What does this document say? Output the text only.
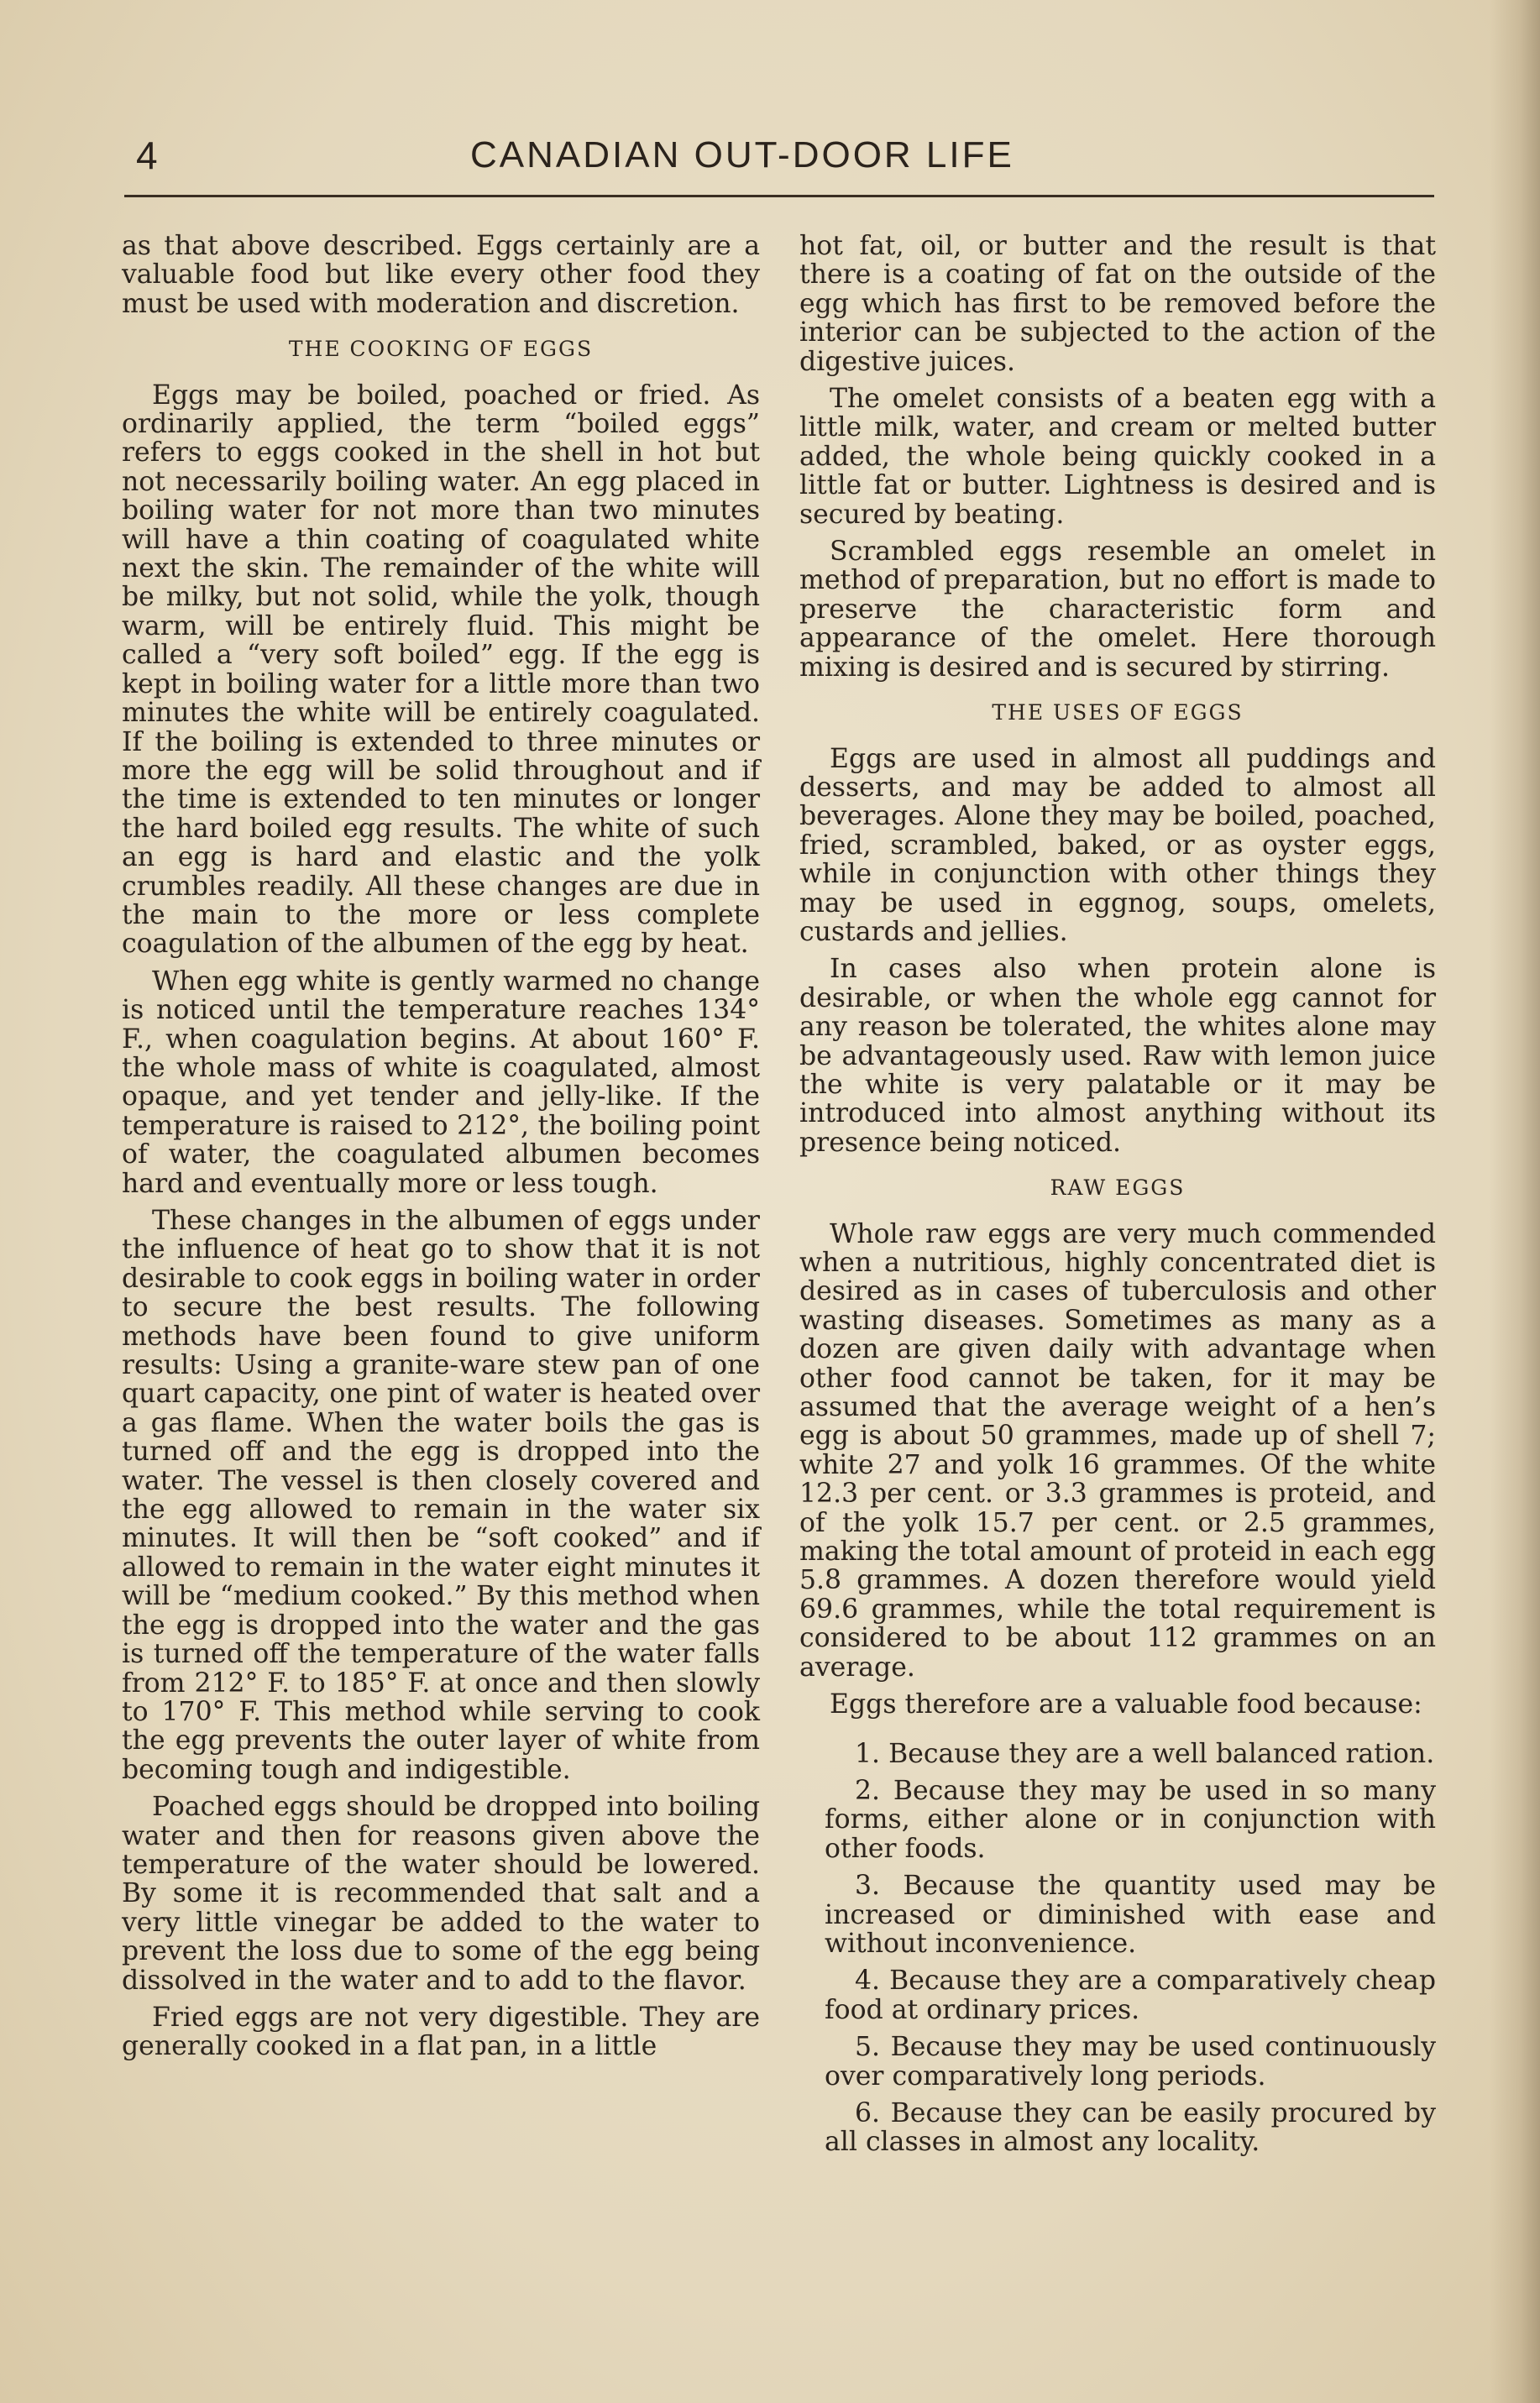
4	CANADIAN OUT-DOOR LIFE

as that above described. Eggs certainly are a valuable food but like every other food they must be used with moderation and discretion.

THE COOKING OF EGGS

Eggs may be boiled, poached or fried. As ordinarily applied, the term “boiled eggs” refers to eggs cooked in the shell in hot but not necessarily boiling water. An egg placed in boiling water for not more than two minutes will have a thin coating of coagulated white next the skin. The remainder of the white will be milky, but not solid, while the yolk, though warm, will be entirely fluid. This might be called a “very soft boiled” egg. If the egg is kept in boiling water for a little more than two minutes the white will be entirely coagulated. If the boiling is extended to three minutes or more the egg will be solid throughout and if the time is extended to ten minutes or longer the hard boiled egg results. The white of such an egg is hard and elastic and the yolk crumbles readily. All these changes are due in the main to the more or less complete coagulation of the albumen of the egg by heat.

When egg white is gently warmed no change is noticed until the temperature reaches 134° F., when coagulation begins. At about 160° F. the whole mass of white is coagulated, almost opaque, and yet tender and jelly-like. If the temperature is raised to 212°, the boiling point of water, the coagulated albumen becomes hard and eventually more or less tough.

These changes in the albumen of eggs under the influence of heat go to show that it is not desirable to cook eggs in boiling water in order to secure the best results. The following methods have been found to give uniform results: Using a granite-ware stew pan of one quart capacity, one pint of water is heated over a gas flame. When the water boils the gas is turned off and the egg is dropped into the water. The vessel is then closely covered and the egg allowed to remain in the water six minutes. It will then be “soft cooked” and if allowed to remain in the water eight minutes it will be “medium cooked.” By this method when the egg is dropped into the water and the gas is turned off the temperature of the water falls from 212° F. to 185° F. at once and then slowly to 170° F. This method while serving to cook the egg prevents the outer layer of white from becoming tough and indigestible.

Poached eggs should be dropped into boiling water and then for reasons given above the temperature of the water should be lowered. By some it is recommended that salt and a very little vinegar be added to the water to prevent the loss due to some of the egg being dissolved in the water and to add to the flavor.

Fried eggs are not very digestible. They are generally cooked in a flat pan, in a little

hot fat, oil, or butter and the result is that there is a coating of fat on the outside of the egg which has first to be removed before the interior can be subjected to the action of the digestive juices.

The omelet consists of a beaten egg with a little milk, water, and cream or melted butter added, the whole being quickly cooked in a little fat or butter. Lightness is desired and is secured by beating.

Scrambled eggs resemble an omelet in method of preparation, but no effort is made to preserve the characteristic form and appearance of the omelet. Here thorough mixing is desired and is secured by stirring.

THE USES OF EGGS

Eggs are used in almost all puddings and desserts, and may be added to almost all beverages. Alone they may be boiled, poached, fried, scrambled, baked, or as oyster eggs, while in conjunction with other things they may be used in eggnog, soups, omelets, custards and jellies.

In cases also when protein alone is desirable, or when the whole egg cannot for any reason be tolerated, the whites alone may be advantageously used. Raw with lemon juice the white is very palatable or it may be introduced into almost anything without its presence being noticed.

RAW EGGS

Whole raw eggs are very much commended when a nutritious, highly concentrated diet is desired as in cases of tuberculosis and other wasting diseases. Sometimes as many as a dozen are given daily with advantage when other food cannot be taken, for it may be assumed that the average weight of a hen’s egg is about 50 grammes, made up of shell 7; white 27 and yolk 16 grammes. Of the white 12.3 per cent. or 3.3 grammes is proteid, and of the yolk 15.7 per cent. or 2.5 grammes, making the total amount of proteid in each egg 5.8 grammes. A dozen therefore would yield 69.6 grammes, while the total requirement is considered to be about 112 grammes on an average.

Eggs therefore are a valuable food because:

1. Because they are a well balanced ration.

2. Because they may be used in so many forms, either alone or in conjunction with other foods.

3. Because the quantity used may be increased or diminished with ease and without inconvenience.

4. Because they are a comparatively cheap food at ordinary prices.

5. Because they may be used continuously over comparatively long periods.

6. Because they can be easily procured by all classes in almost any locality.
